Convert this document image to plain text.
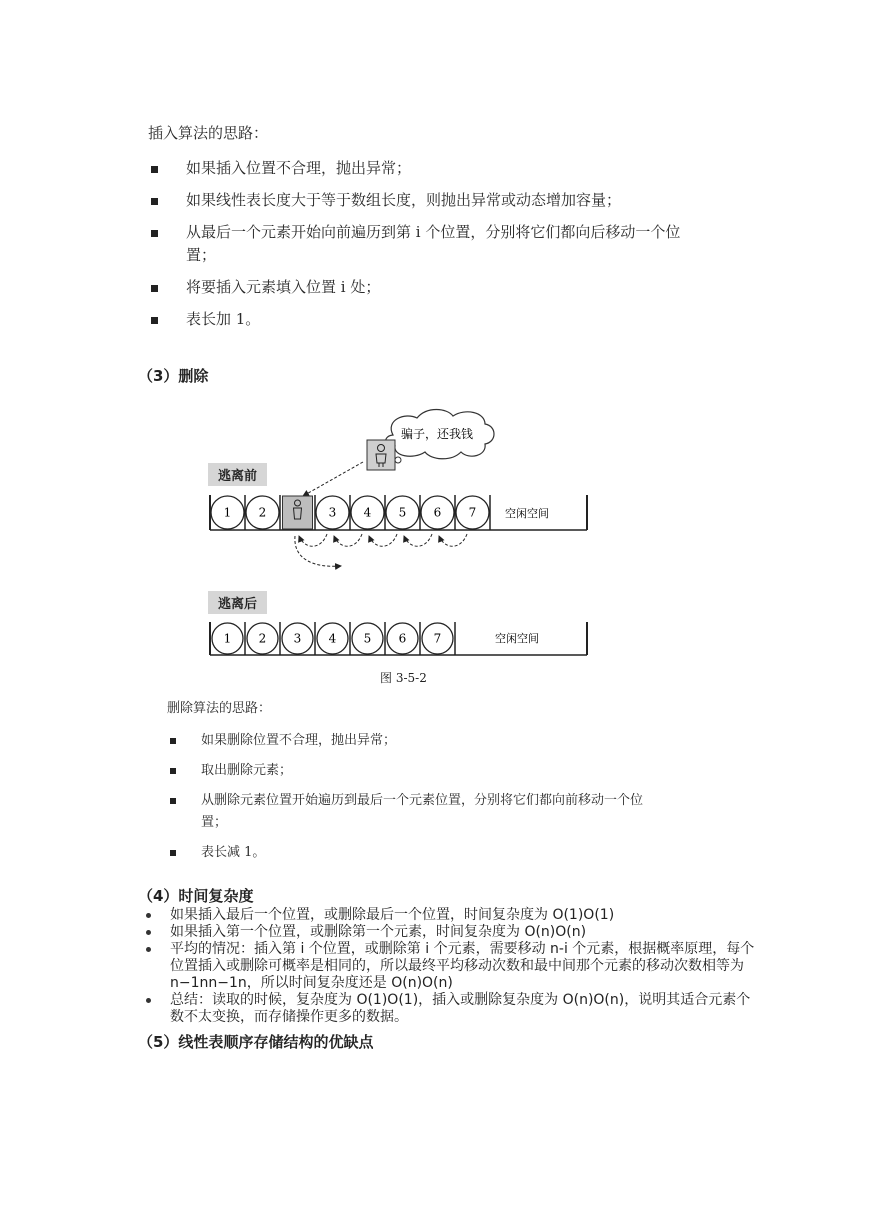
插入算法的思路：
如果插入位置不合理，抛出异常；
如果线性表长度大于等于数组长度，则抛出异常或动态增加容量；
从最后一个元素开始向前遍历到第 i 个位置，分别将它们都向后移动一个位置；
将要插入元素填入位置 i 处；
表长加 1。
（3）删除
骗子，还我钱
1 2	3 4 5 6 7	空闲空间
1 2 3 4 5 6 7	空闲空间
逃离前
逃离后
图 3-5-2
删除算法的思路：
如果删除位置不合理，抛出异常；
取出删除元素；
从删除元素位置开始遍历到最后一个元素位置，分别将它们都向前移动一个位置；
表长减 1。
（4）时间复杂度
如果插入最后一个位置，或删除最后一个位置，时间复杂度为 O(1)O(1)
如果插入第一个位置，或删除第一个元素，时间复杂度为 O(n)O(n)
平均的情况：插入第 i 个位置，或删除第 i 个元素，需要移动 n-i 个元素，根据概率原理，每个位置插入或删除可概率是相同的，所以最终平均移动次数和最中间那个元素的移动次数相等为 n−1nn−1n，所以时间复杂度还是 O(n)O(n)
总结：读取的时候，复杂度为 O(1)O(1)，插入或删除复杂度为 O(n)O(n)，说明其适合元素个数不太变换，而存储操作更多的数据。
（5）线性表顺序存储结构的优缺点
